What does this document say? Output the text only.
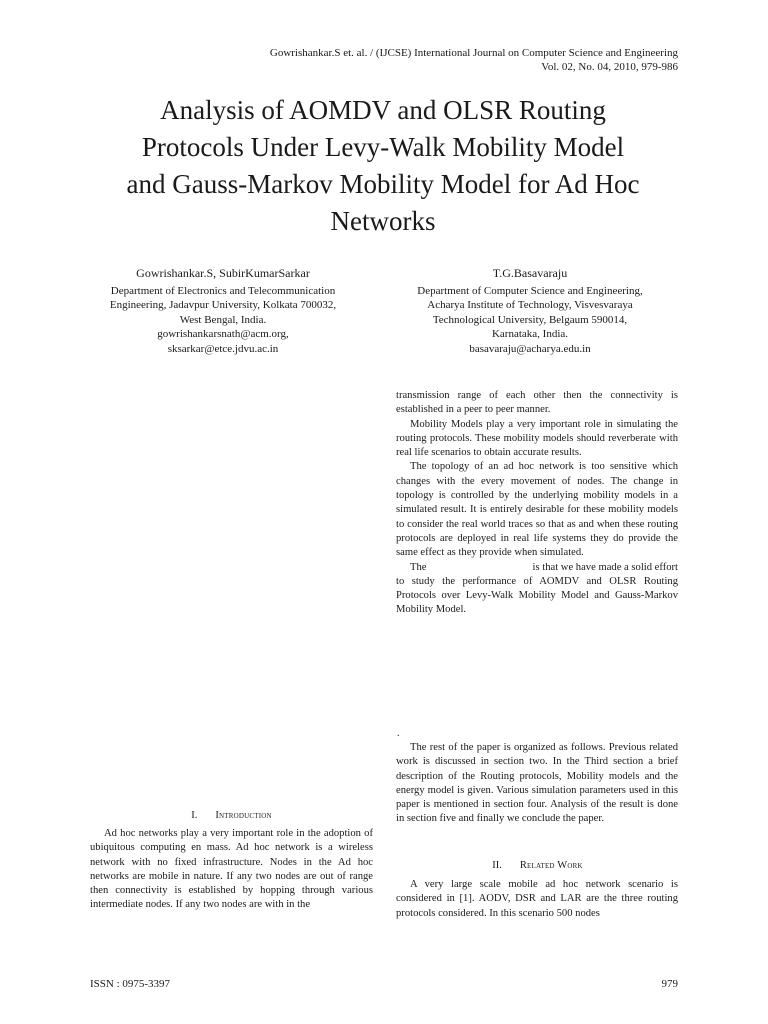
Gowrishankar.S et. al. / (IJCSE) International Journal on Computer Science and Engineering
Vol. 02, No. 04, 2010, 979-986
Analysis of AOMDV and OLSR Routing
Protocols Under Levy-Walk Mobility Model
and Gauss-Markov Mobility Model for Ad Hoc
Networks
Gowrishankar.S, SubirKumarSarkar
Department of Electronics and Telecommunication
Engineering, Jadavpur University, Kolkata 700032,
West Bengal, India.
gowrishankarsnath@acm.org,
sksarkar@etce.jdvu.ac.in
T.G.Basavaraju
Department of Computer Science and Engineering,
Acharya Institute of Technology, Visvesvaraya
Technological University, Belgaum 590014,
Karnataka, India.
basavaraju@acharya.edu.in

transmission range of each other then the connectivity is established in a peer to peer manner.

Mobility Models play a very important role in simulating the routing protocols. These mobility models should reverberate with real life scenarios to obtain accurate results.

The topology of an ad hoc network is too sensitive which changes with the every movement of nodes. The change in topology is controlled by the underlying mobility models in a simulated result. It is entirely desirable for these mobility models to consider the real world traces so that as and when these routing protocols are deployed in real life systems they do provide the same effect as they provide when simulated.

The                                        is that we have made a solid effort to study the performance of AOMDV and OLSR Routing Protocols over Levy-Walk Mobility Model and Gauss-Markov Mobility Model.

.

The rest of the paper is organized as follows. Previous related work is discussed in section two. In the Third section a brief description of the Routing protocols, Mobility models and the energy model is given. Various simulation parameters used in this paper is mentioned in section four. Analysis of the result is done in section five and finally we conclude the paper.

I. Introduction

Ad hoc networks play a very important role in the adoption of ubiquitous computing en mass. Ad hoc network is a wireless network with no fixed infrastructure. Nodes in the Ad hoc networks are mobile in nature. If any two nodes are out of range then connectivity is established by hopping through various intermediate nodes. If any two nodes are with in the

II. Related Work

A very large scale mobile ad hoc network scenario is considered in [1]. AODV, DSR and LAR are the three routing protocols considered. In this scenario 500 nodes

ISSN : 0975-3397	979
